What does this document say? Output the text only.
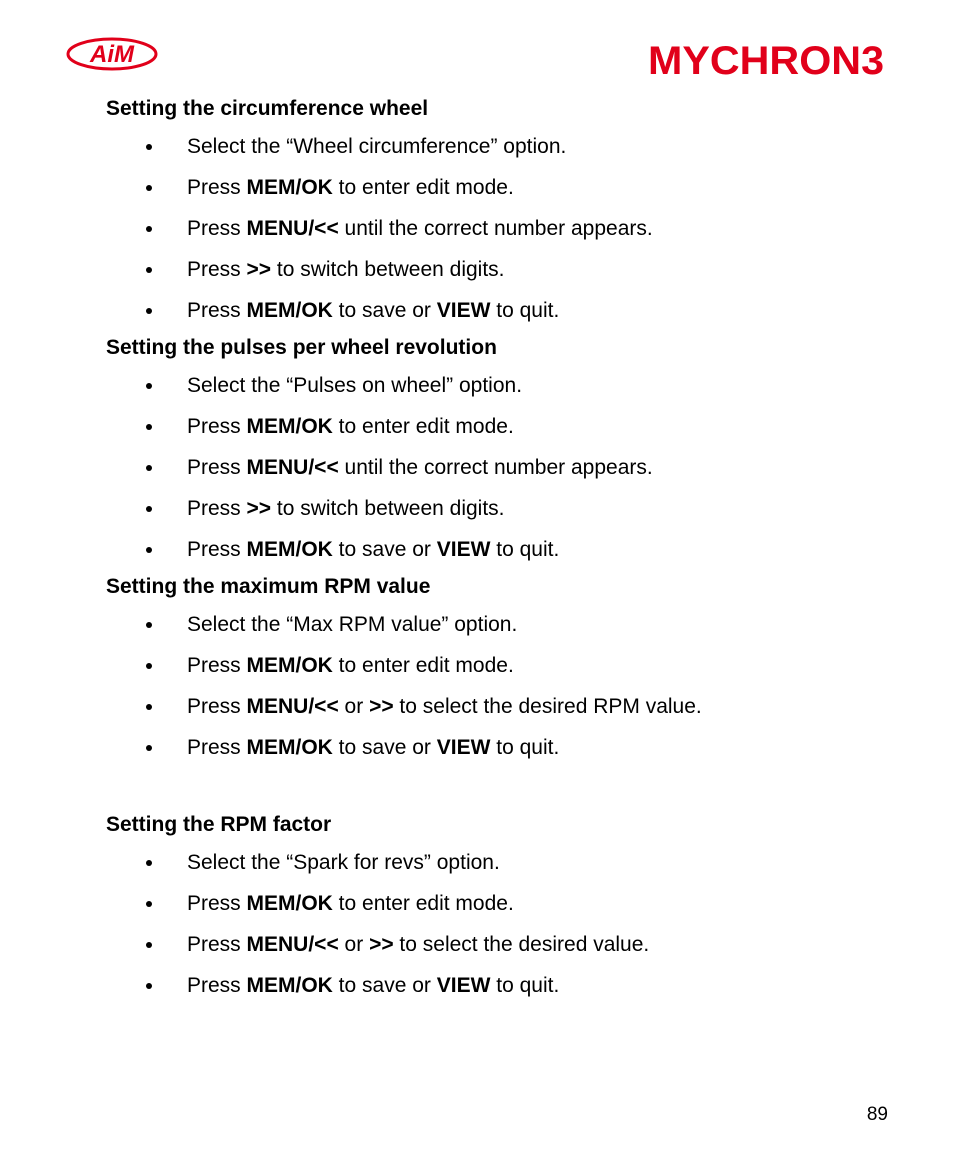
AiM	MYCHRON3
Setting the circumference wheel
Select the “Wheel circumference” option.
Press MEM/OK to enter edit mode.
Press MENU/<< until the correct number appears.
Press >> to switch between digits.
Press MEM/OK to save or VIEW to quit.
Setting the pulses per wheel revolution
Select the “Pulses on wheel” option.
Press MEM/OK to enter edit mode.
Press MENU/<< until the correct number appears.
Press >> to switch between digits.
Press MEM/OK to save or VIEW to quit.
Setting the maximum RPM value
Select the “Max RPM value” option.
Press MEM/OK to enter edit mode.
Press MENU/<< or >> to select the desired RPM value.
Press MEM/OK to save or VIEW to quit.
Setting the RPM factor
Select the “Spark for revs” option.
Press MEM/OK to enter edit mode.
Press MENU/<< or >> to select the desired value.
Press MEM/OK to save or VIEW to quit.
89
